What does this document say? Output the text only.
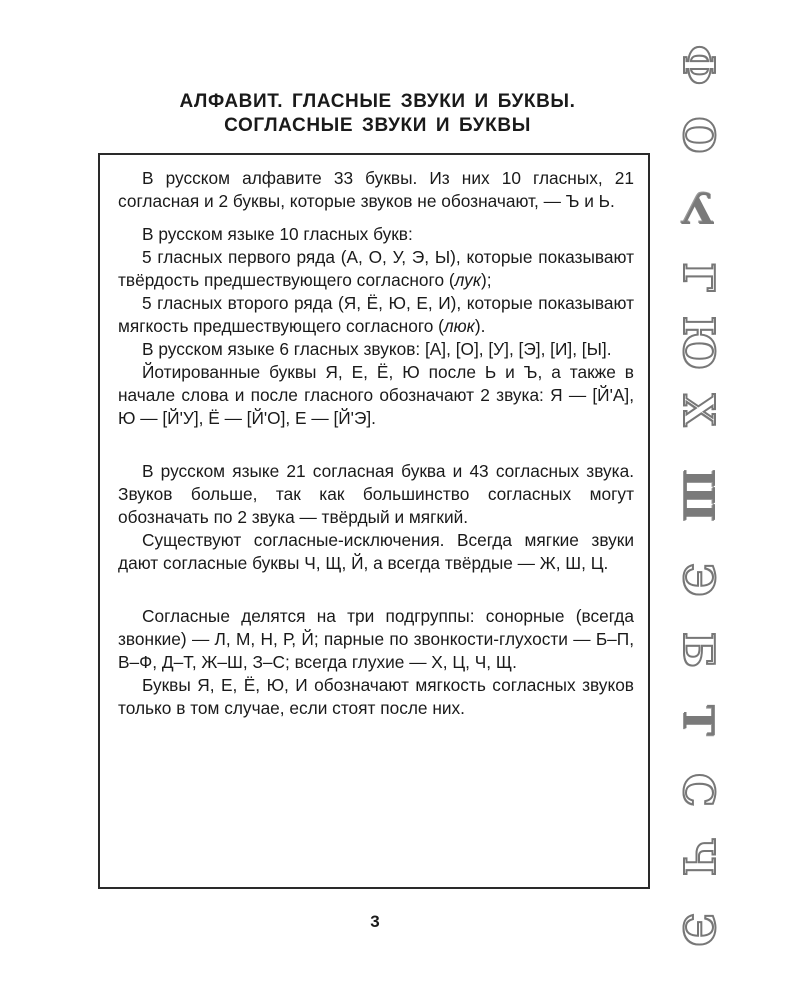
АЛФАВИТ. ГЛАСНЫЕ ЗВУКИ И БУКВЫ.
СОГЛАСНЫЕ ЗВУКИ И БУКВЫ

В русском алфавите 33 буквы. Из них 10 гласных, 21 согласная и 2 буквы, которые звуков не обозначают, — Ъ и Ь.

В русском языке 10 гласных букв:

5 гласных первого ряда (А, О, У, Э, Ы), которые показывают твёрдость предшествующего согласного (лук);

5 гласных второго ряда (Я, Ё, Ю, Е, И), которые показывают мягкость предшествующего согласного (люк).

В русском языке 6 гласных звуков: [А], [О], [У], [Э], [И], [Ы].

Йотированные буквы Я, Е, Ё, Ю после Ь и Ъ, а также в начале слова и после гласного обозначают 2 звука: Я — [Й'А], Ю — [Й'У], Ё — [Й'О], Е — [Й'Э].

В русском языке 21 согласная буква и 43 согласных звука. Звуков больше, так как большинство согласных могут обозначать по 2 звука — твёрдый и мягкий.

Существуют согласные-исключения. Всегда мягкие звуки дают согласные буквы Ч, Щ, Й, а всегда твёрдые — Ж, Ш, Ц.

Согласные делятся на три подгруппы: сонорные (всегда звонкие) — Л, М, Н, Р, Й; парные по звонкости-глухости — Б–П, В–Ф, Д–Т, Ж–Ш, З–С; всегда глухие — Х, Ц, Ч, Щ.

Буквы Я, Е, Ё, Ю, И обозначают мягкость согласных звуков только в том случае, если стоят после них.

3
Ф
О
У
Г
Ю
Х
Ш
Э
Б
Т
С
Ч
Э
